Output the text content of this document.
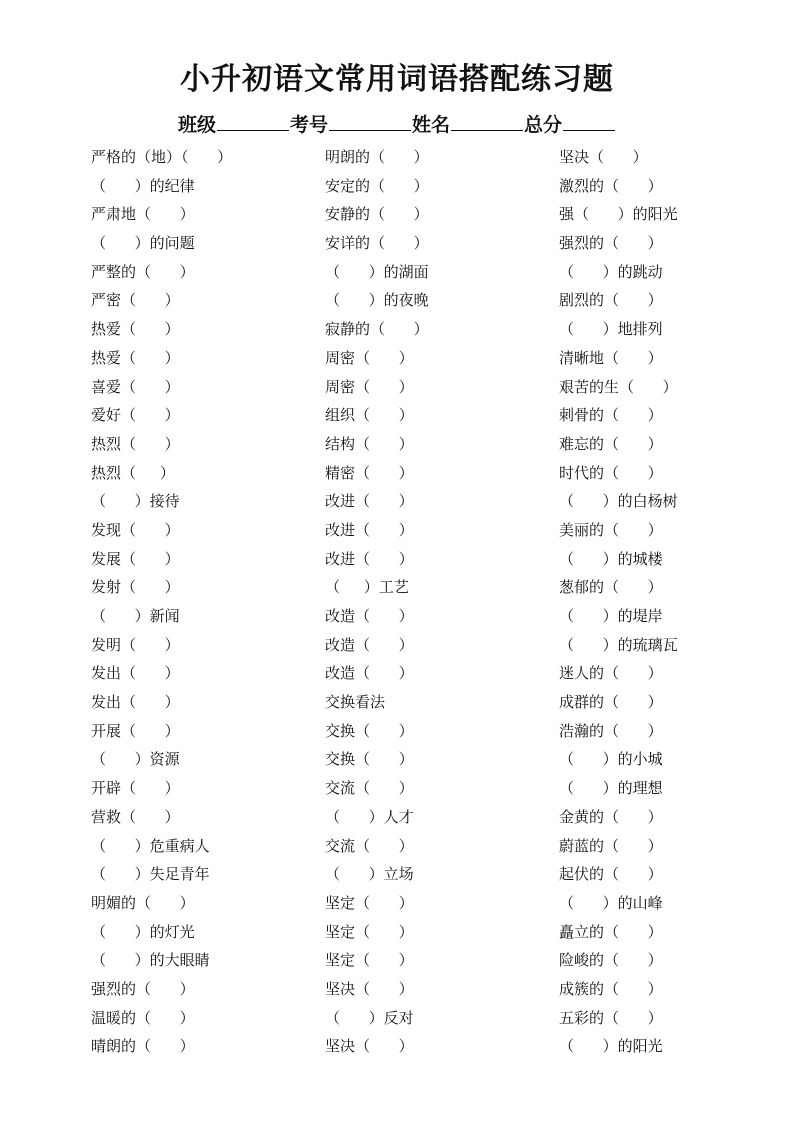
小升初语文常用词语搭配练习题
班级	考号	姓名	总分
严格的（地）（      ）
（      ）的纪律
严肃地（      ）
（      ）的问题
严整的（      ）
严密（      ）
热爱（      ）
热爱（      ）
喜爱（      ）
爱好（      ）
热烈（      ）
热烈（     ）
（      ）接待
发现（      ）
发展（      ）
发射（      ）
（      ）新闻
发明（      ）
发出（      ）
发出（      ）
开展（      ）
（      ）资源
开辟（      ）
营救（      ）
（      ）危重病人
（      ）失足青年
明媚的（      ）
（      ）的灯光
（      ）的大眼睛
强烈的（      ）
温暖的（      ）
晴朗的（      ）
明朗的（      ）
安定的（      ）
安静的（      ）
安详的（      ）
（      ）的湖面
（      ）的夜晚
寂静的（      ）
周密（      ）
周密（      ）
组织（      ）
结构（      ）
精密（      ）
改进（      ）
改进（      ）
改进（      ）
（     ）工艺
改造（      ）
改造（      ）
改造（      ）
交换看法
交换（      ）
交换（      ）
交流（      ）
（      ）人才
交流（      ）
（      ）立场
坚定（      ）
坚定（      ）
坚定（      ）
坚决（      ）
（      ）反对
坚决（      ）
坚决（      ）
激烈的（      ）
强（      ）的阳光
强烈的（      ）
（      ）的跳动
剧烈的（      ）
（      ）地排列
清晰地（      ）
艰苦的生（      ）
刺骨的（      ）
难忘的（      ）
时代的（      ）
（      ）的白杨树
美丽的（      ）
（      ）的城楼
葱郁的（      ）
（      ）的堤岸
（      ）的琉璃瓦
迷人的（      ）
成群的（      ）
浩瀚的（      ）
（      ）的小城
（      ）的理想
金黄的（      ）
蔚蓝的（      ）
起伏的（      ）
（      ）的山峰
矗立的（      ）
险峻的（      ）
成簇的（      ）
五彩的（      ）
（      ）的阳光
